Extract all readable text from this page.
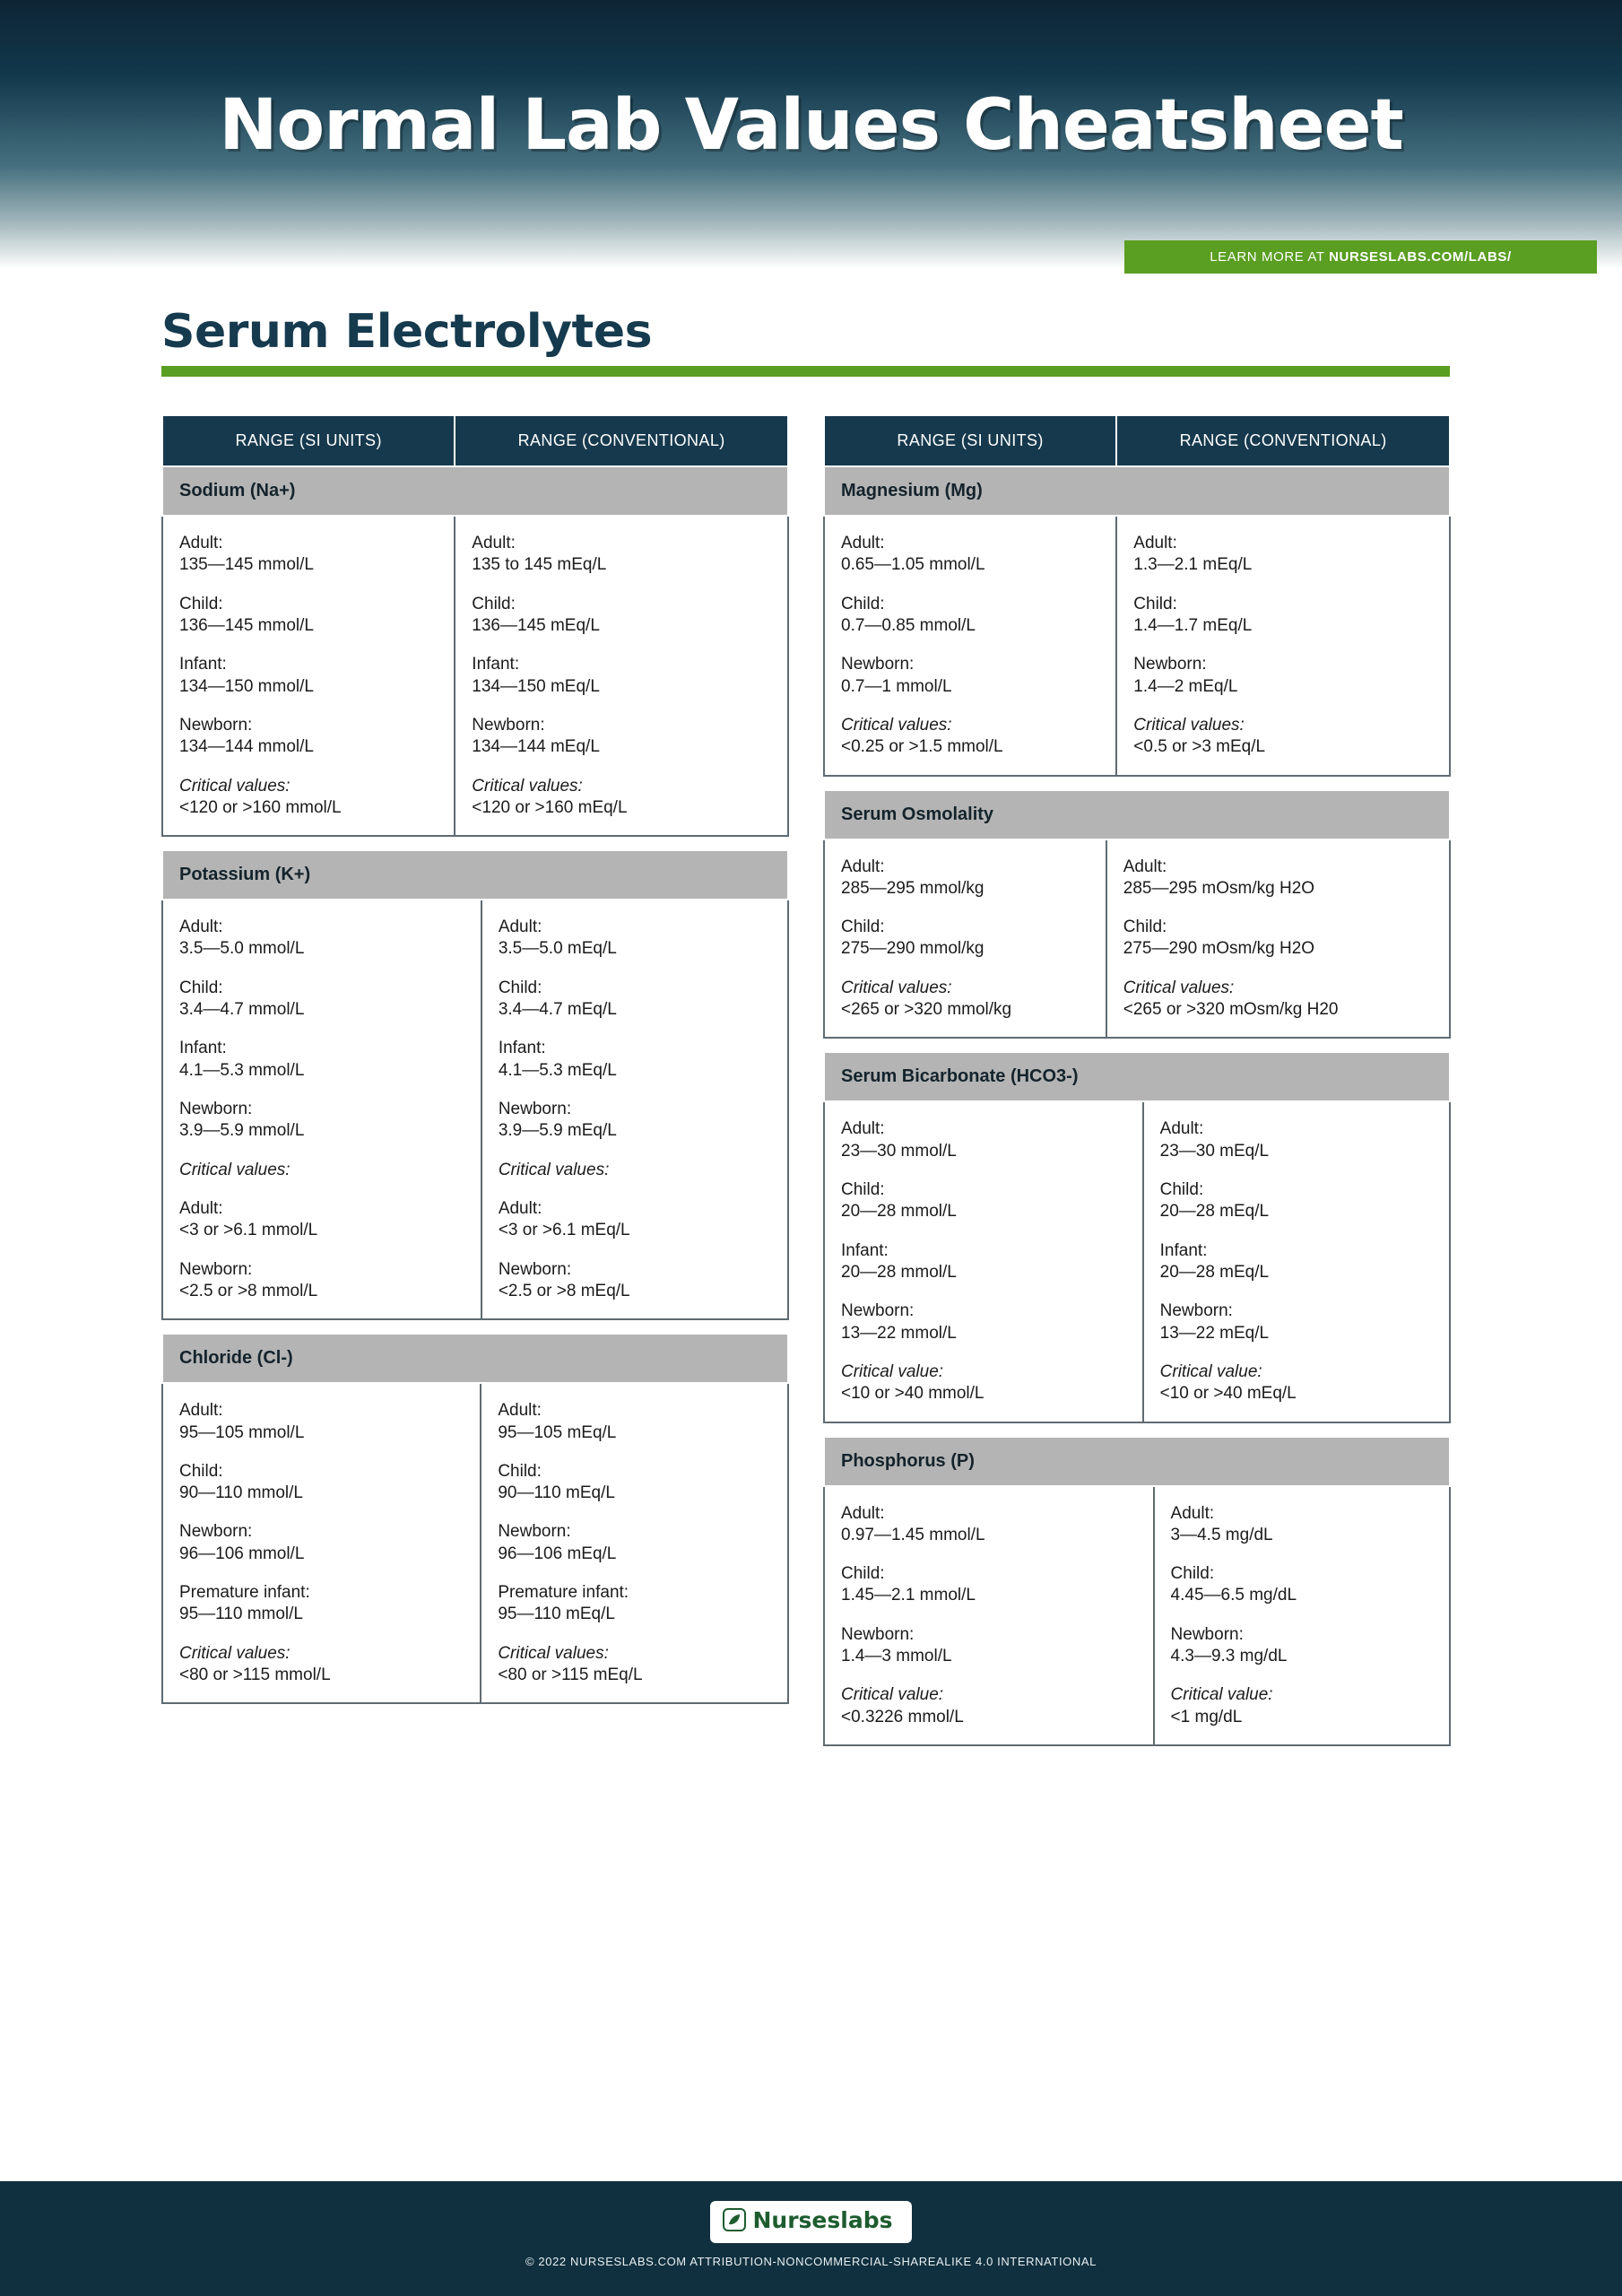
Normal Lab Values Cheatsheet
LEARN MORE AT NURSESLABS.COM/LABS/
Serum Electrolytes
RANGE (SI UNITS)	RANGE (CONVENTIONAL)
Sodium (Na+)	

Adult:
135—145 mmol/L
Child:
136—145 mmol/L
Infant:
134—150 mmol/L
Newborn:
134—144 mmol/L
Critical values:
<120 or >160 mmol/L

Adult:
135 to 145 mEq/L
Child:
136—145 mEq/L
Infant:
134—150 mEq/L
Newborn:
134—144 mEq/L
Critical values:
<120 or >160 mEq/L
Potassium (K+)

Adult:
3.5—5.0 mmol/L
Child:
3.4—4.7 mmol/L
Infant:
4.1—5.3 mmol/L
Newborn:
3.9—5.9 mmol/L
Critical values:
Adult:
<3 or >6.1 mmol/L
Newborn:
<2.5 or >8 mmol/L

Adult:
3.5—5.0 mEq/L
Child:
3.4—4.7 mEq/L
Infant:
4.1—5.3 mEq/L
Newborn:
3.9—5.9 mEq/L
Critical values:
Adult:
<3 or >6.1 mEq/L
Newborn:
<2.5 or >8 mEq/L
Chloride (Cl-)

Adult:
95—105 mmol/L
Child:
90—110 mmol/L
Newborn:
96—106 mmol/L
Premature infant:
95—110 mmol/L
Critical values:
<80 or >115 mmol/L

Adult:
95—105 mEq/L
Child:
90—110 mEq/L
Newborn:
96—106 mEq/L
Premature infant:
95—110 mEq/L
Critical values:
<80 or >115 mEq/L
RANGE (SI UNITS)	RANGE (CONVENTIONAL)
Magnesium (Mg)	

Adult:
0.65—1.05 mmol/L
Child:
0.7—0.85 mmol/L
Newborn:
0.7—1 mmol/L
Critical values:
<0.25 or >1.5 mmol/L

Adult:
1.3—2.1 mEq/L
Child:
1.4—1.7 mEq/L
Newborn:
1.4—2 mEq/L
Critical values:
<0.5 or >3 mEq/L
Serum Osmolality

Adult:
285—295 mmol/kg
Child:
275—290 mmol/kg
Critical values:
<265 or >320 mmol/kg

Adult:
285—295 mOsm/kg H2O
Child:
275—290 mOsm/kg H2O
Critical values:
<265 or >320 mOsm/kg H20
Serum Bicarbonate (HCO3-)

Adult:
23—30 mmol/L
Child:
20—28 mmol/L
Infant:
20—28 mmol/L
Newborn:
13—22 mmol/L
Critical value:
<10 or >40 mmol/L

Adult:
23—30 mEq/L
Child:
20—28 mEq/L
Infant:
20—28 mEq/L
Newborn:
13—22 mEq/L
Critical value:
<10 or >40 mEq/L
Phosphorus (P)

Adult:
0.97—1.45 mmol/L
Child:
1.45—2.1 mmol/L
Newborn:
1.4—3 mmol/L
Critical value:
<0.3226 mmol/L

Adult:
3—4.5 mg/dL
Child:
4.45—6.5 mg/dL
Newborn:
4.3—9.3 mg/dL
Critical value:
<1 mg/dL
Nurseslabs
© 2022 NURSESLABS.COM ATTRIBUTION-NONCOMMERCIAL-SHAREALIKE 4.0 INTERNATIONAL
